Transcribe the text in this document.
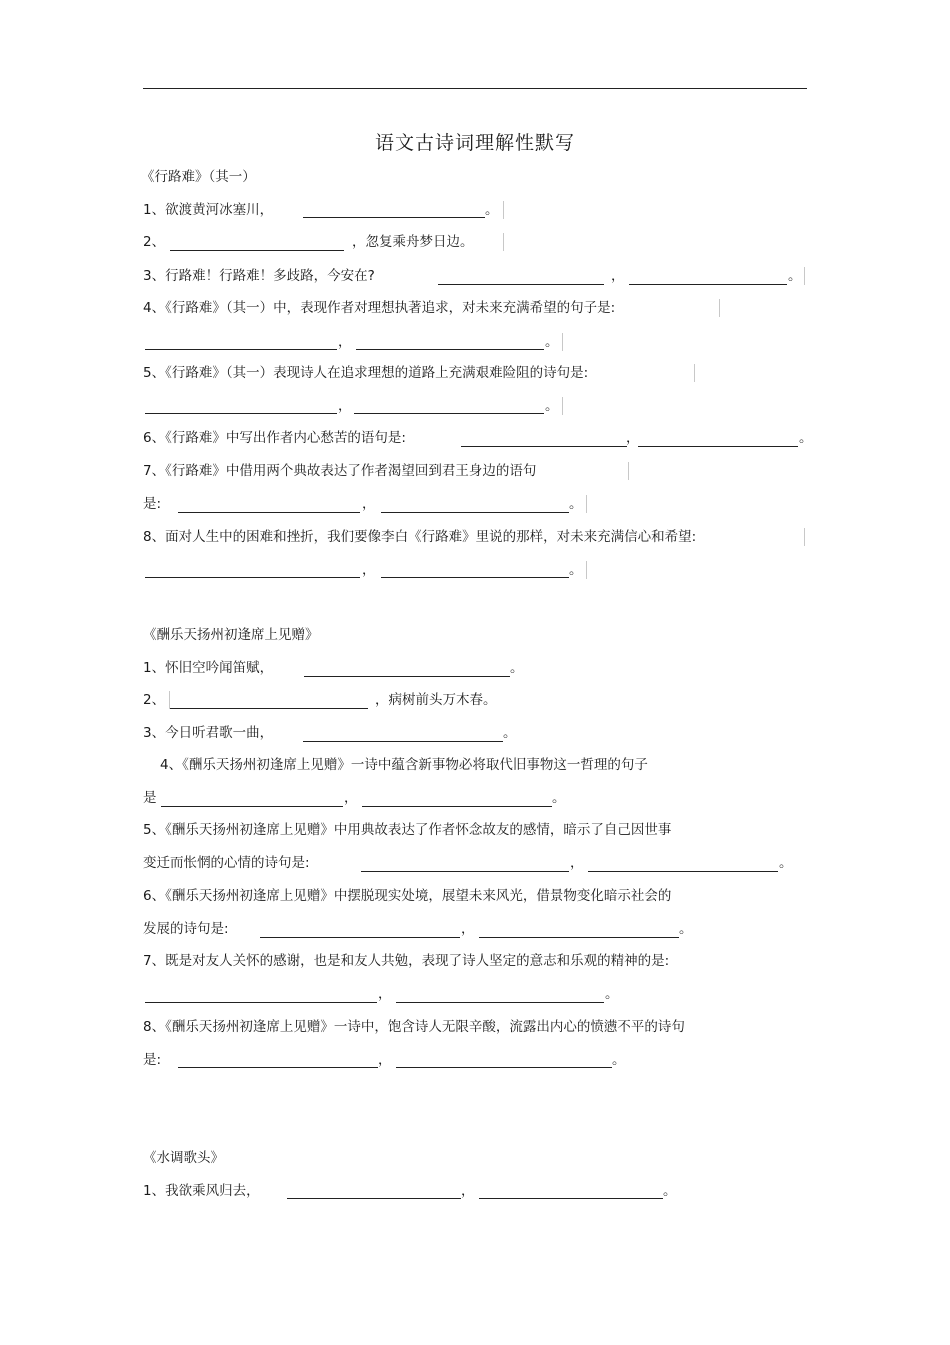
语文古诗词理解性默写
《行路难》（其一）
1、欲渡黄河冰塞川，	。
2、	，忽复乘舟梦日边。
3、行路难！行路难！多歧路，今安在?	，	。
4、《行路难》（其一）中，表现作者对理想执著追求，对未来充满希望的句子是:
，	。
5、《行路难》（其一）表现诗人在追求理想的道路上充满艰难险阻的诗句是:
，	。
6、《行路难》中写出作者内心愁苦的语句是:	，	。
7、《行路难》中借用两个典故表达了作者渴望回到君王身边的语句
是:	，	。
8、面对人生中的困难和挫折，我们要像李白《行路难》里说的那样，对未来充满信心和希望:
，	。
《酬乐天扬州初逢席上见赠》
1、怀旧空吟闻笛赋，	。
2、	，病树前头万木春。
3、今日听君歌一曲，	。
4、《酬乐天扬州初逢席上见赠》一诗中蕴含新事物必将取代旧事物这一哲理的句子
是	，	。
5、《酬乐天扬州初逢席上见赠》中用典故表达了作者怀念故友的感情，暗示了自己因世事
变迁而怅惘的心情的诗句是:	，	。
6、《酬乐天扬州初逢席上见赠》中摆脱现实处境，展望未来风光，借景物变化暗示社会的
发展的诗句是:	，	。
7、既是对友人关怀的感谢，也是和友人共勉，表现了诗人坚定的意志和乐观的精神的是:
，	。
8、《酬乐天扬州初逢席上见赠》一诗中，饱含诗人无限辛酸，流露出内心的愤懑不平的诗句
是:	，	。
《水调歌头》
1、我欲乘风归去，	，	。
